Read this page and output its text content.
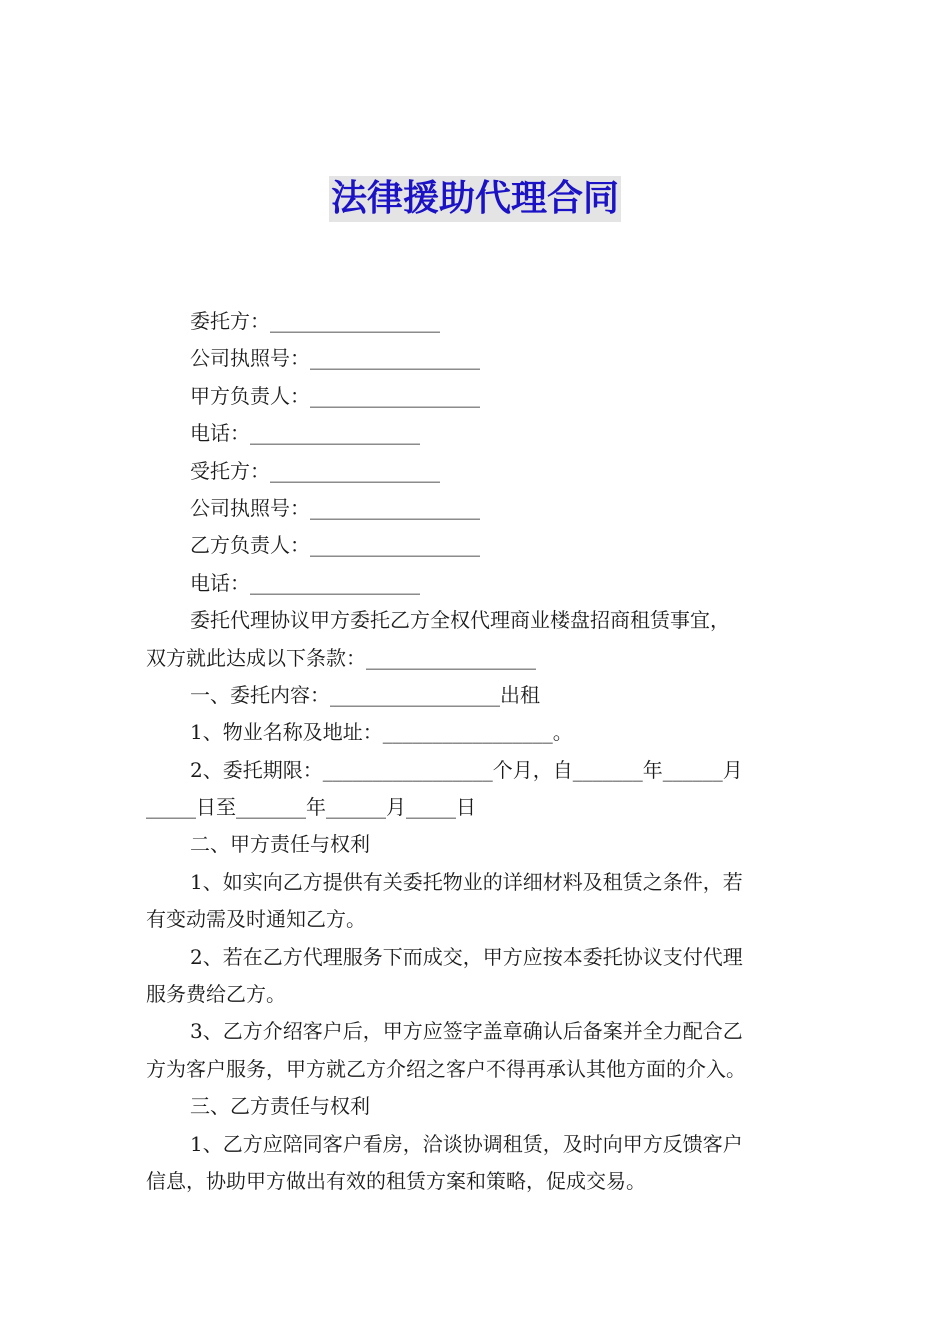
法律援助代理合同
委托方：_________________
公司执照号：_________________
甲方负责人：_________________
电话：_________________
受托方：_________________
公司执照号：_________________
乙方负责人：_________________
电话：_________________
委托代理协议甲方委托乙方全权代理商业楼盘招商租赁事宜，
双方就此达成以下条款：_________________
一、委托内容：_________________出租
1、物业名称及地址：_________________。
2、委托期限：_________________个月，自_______年______月
_____日至_______年______月_____日
二、甲方责任与权利
1、如实向乙方提供有关委托物业的详细材料及租赁之条件，若
有变动需及时通知乙方。
2、若在乙方代理服务下而成交，甲方应按本委托协议支付代理
服务费给乙方。
3、乙方介绍客户后，甲方应签字盖章确认后备案并全力配合乙
方为客户服务，甲方就乙方介绍之客户不得再承认其他方面的介入。
三、乙方责任与权利
1、乙方应陪同客户看房，洽谈协调租赁，及时向甲方反馈客户
信息，协助甲方做出有效的租赁方案和策略，促成交易。
